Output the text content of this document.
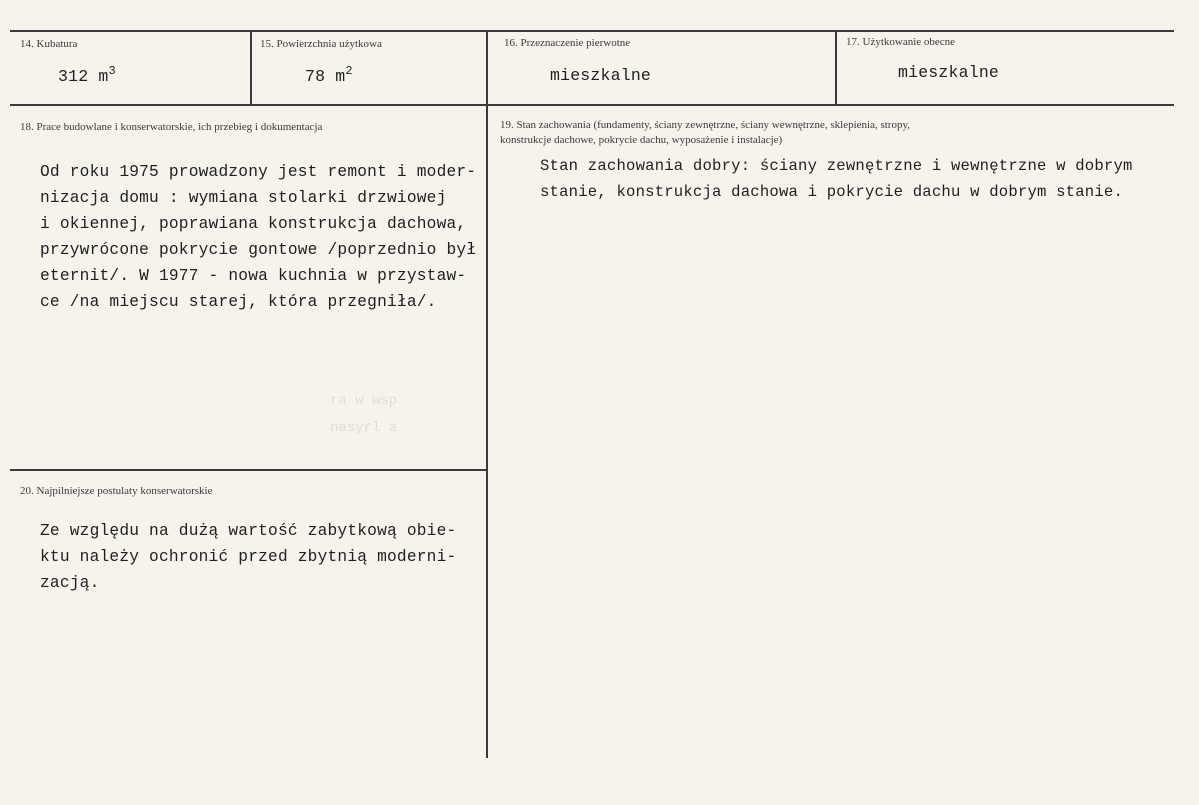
ra w wsp
nasyrl a
14. Kubatura
312 $m^3$
15. Powierzchnia użytkowa
78 $m^2$
16. Przeznaczenie pierwotne
mieszkalne
17. Użytkowanie obecne
mieszkalne
18. Prace budowlane i konserwatorskie, ich przebieg i dokumentacja
Od roku 1975 prowadzony jest remont i moder-
nizacja domu : wymiana stolarki drzwiowej
i okiennej, poprawiana konstrukcja dachowa,
przywrócone pokrycie gontowe /poprzednio był
eternit/. W 1977 - nowa kuchnia w przystaw-
ce /na miejscu starej, która przegniła/.
19. Stan zachowania (fundamenty, ściany zewnętrzne, ściany wewnętrzne, sklepienia, stropy,
konstrukcje dachowe, pokrycie dachu, wyposażenie i instalacje)
Stan zachowania dobry: ściany zewnętrzne i wewnętrzne w dobrym
stanie, konstrukcja dachowa i pokrycie dachu w dobrym stanie.
20. Najpilniejsze postulaty konserwatorskie
Ze względu na dużą wartość zabytkową obie-
ktu należy ochronić przed zbytnią moderni-
zacją.
